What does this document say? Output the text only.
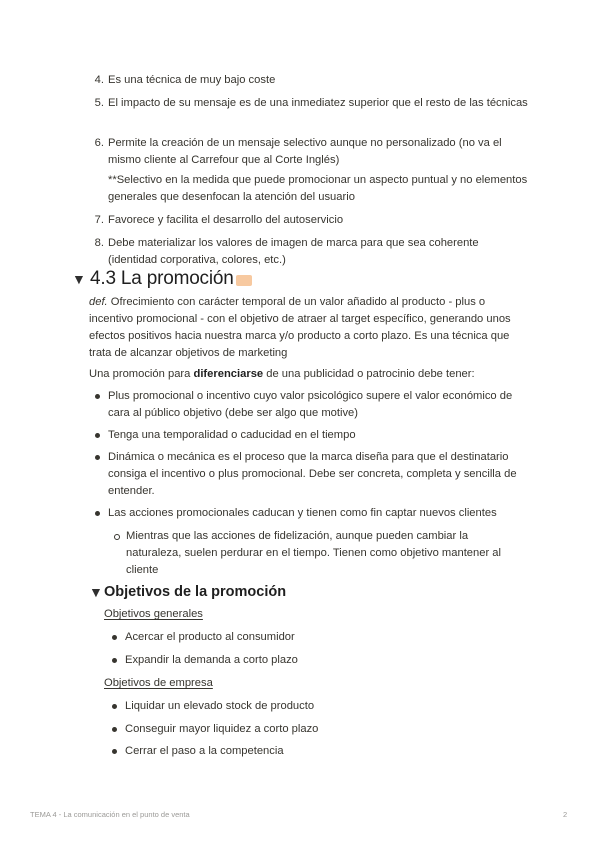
4. Es una técnica de muy bajo coste
5. El impacto de su mensaje es de una inmediatez superior que el resto de las técnicas
6. Permite la creación de un mensaje selectivo aunque no personalizado (no va el mismo cliente al Carrefour que al Corte Inglés)
**Selectivo en la medida que puede promocionar un aspecto puntual y no elementos generales que desenfocan la atención del usuario
7. Favorece y facilita el desarrollo del autoservicio
8. Debe materializar los valores de imagen de marca para que sea coherente (identidad corporativa, colores, etc.)
▼ 4.3 La promoción
def. Ofrecimiento con carácter temporal de un valor añadido al producto - plus o incentivo promocional - con el objetivo de atraer al target específico, generando unos efectos positivos hacia nuestra marca y/o producto a corto plazo. Es una técnica que trata de alcanzar objetivos de marketing
Una promoción para diferenciarse de una publicidad o patrocinio debe tener:
Plus promocional o incentivo cuyo valor psicológico supere el valor económico de cara al público objetivo (debe ser algo que motive)
Tenga una temporalidad o caducidad en el tiempo
Dinámica o mecánica es el proceso que la marca diseña para que el destinatario consiga el incentivo o plus promocional. Debe ser concreta, completa y sencilla de entender.
Las acciones promocionales caducan y tienen como fin captar nuevos clientes
Mientras que las acciones de fidelización, aunque pueden cambiar la naturaleza, suelen perdurar en el tiempo. Tienen como objetivo mantener al cliente
▼ Objetivos de la promoción
Objetivos generales
Acercar el producto al consumidor
Expandir la demanda a corto plazo
Objetivos de empresa
Liquidar un elevado stock de producto
Conseguir mayor liquidez a corto plazo
Cerrar el paso a la competencia
TEMA 4 - La comunicación en el punto de venta	2
